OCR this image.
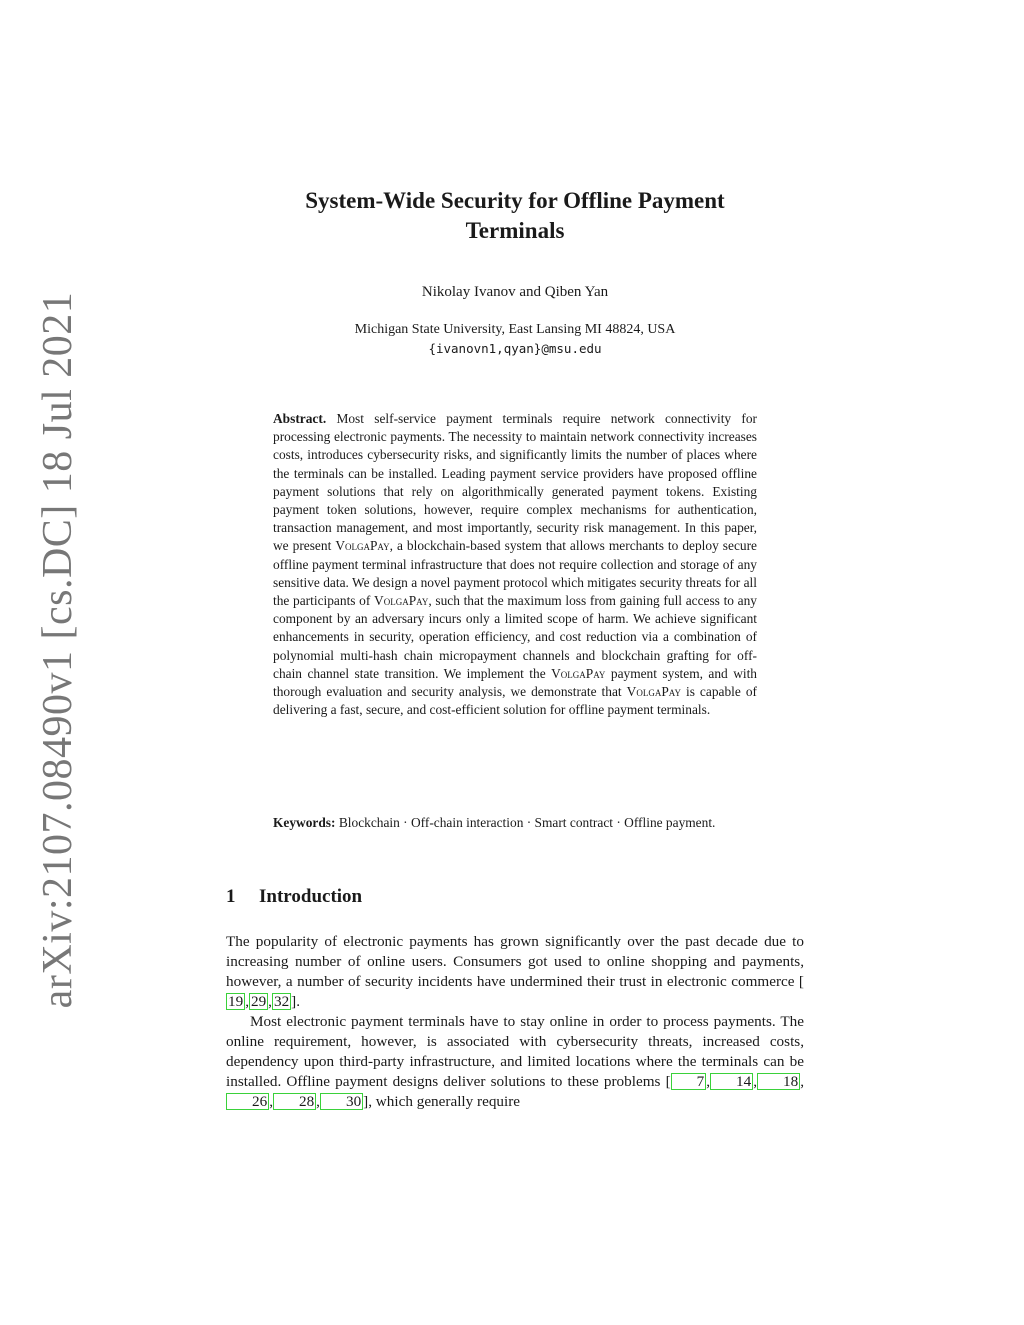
arXiv:2107.08490v1 [cs.DC] 18 Jul 2021
System-Wide Security for Offline Payment
Terminals

Nikolay Ivanov and Qiben Yan

Michigan State University, East Lansing MI 48824, USA
{ivanovn1,qyan}@msu.edu

Abstract. Most self-service payment terminals require network connectivity for processing electronic payments. The necessity to maintain network connectivity increases costs, introduces cybersecurity risks, and significantly limits the number of places where the terminals can be installed. Leading payment service providers have proposed offline payment solutions that rely on algorithmically generated payment tokens. Existing payment token solutions, however, require complex mechanisms for authentication, transaction management, and most importantly, security risk management. In this paper, we present VolgaPay, a blockchain-based system that allows merchants to deploy secure offline payment terminal infrastructure that does not require collection and storage of any sensitive data. We design a novel payment protocol which mitigates security threats for all the participants of VolgaPay, such that the maximum loss from gaining full access to any component by an adversary incurs only a limited scope of harm. We achieve significant enhancements in security, operation efficiency, and cost reduction via a combination of polynomial multi-hash chain micropayment channels and blockchain grafting for off-chain channel state transition. We implement the VolgaPay payment system, and with thorough evaluation and security analysis, we demonstrate that VolgaPay is capable of delivering a fast, secure, and cost-efficient solution for offline payment terminals.

Keywords: Blockchain · Off-chain interaction · Smart contract · Offline payment.

1 Introduction

The popularity of electronic payments has grown significantly over the past decade due to increasing number of online users. Consumers got used to online shopping and payments, however, a number of security incidents have undermined their trust in electronic commerce [19 , 29 , 32 ].

Most electronic payment terminals have to stay online in order to process payments. The online requirement, however, is associated with cybersecurity threats, increased costs, dependency upon third-party infrastructure, and limited locations where the terminals can be installed. Offline payment designs deliver solutions to these problems [ 7 , 14 , 18 ,26 , 28 , 30 ], which generally require
